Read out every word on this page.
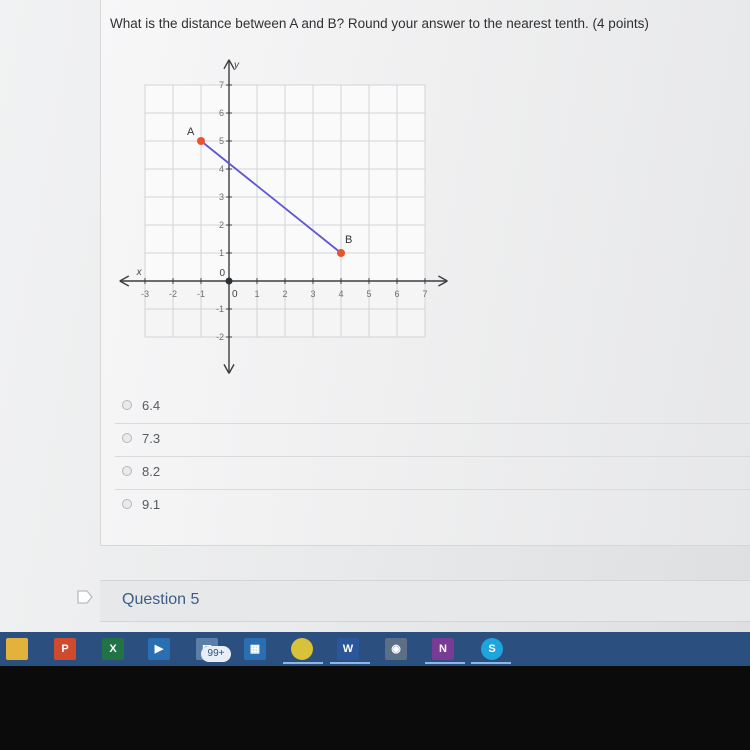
What is the distance between A and B? Round your answer to the nearest tenth. (4 points)
x
y
-3 -2 -1	1	2	3	4	5	6	7
7
6
5
4
3
2
1
-1
-2
0
0
A
B
6.4
7.3
8.2
9.1
Question 5
P	X	▶	▦	W	◉	N	S
99+
